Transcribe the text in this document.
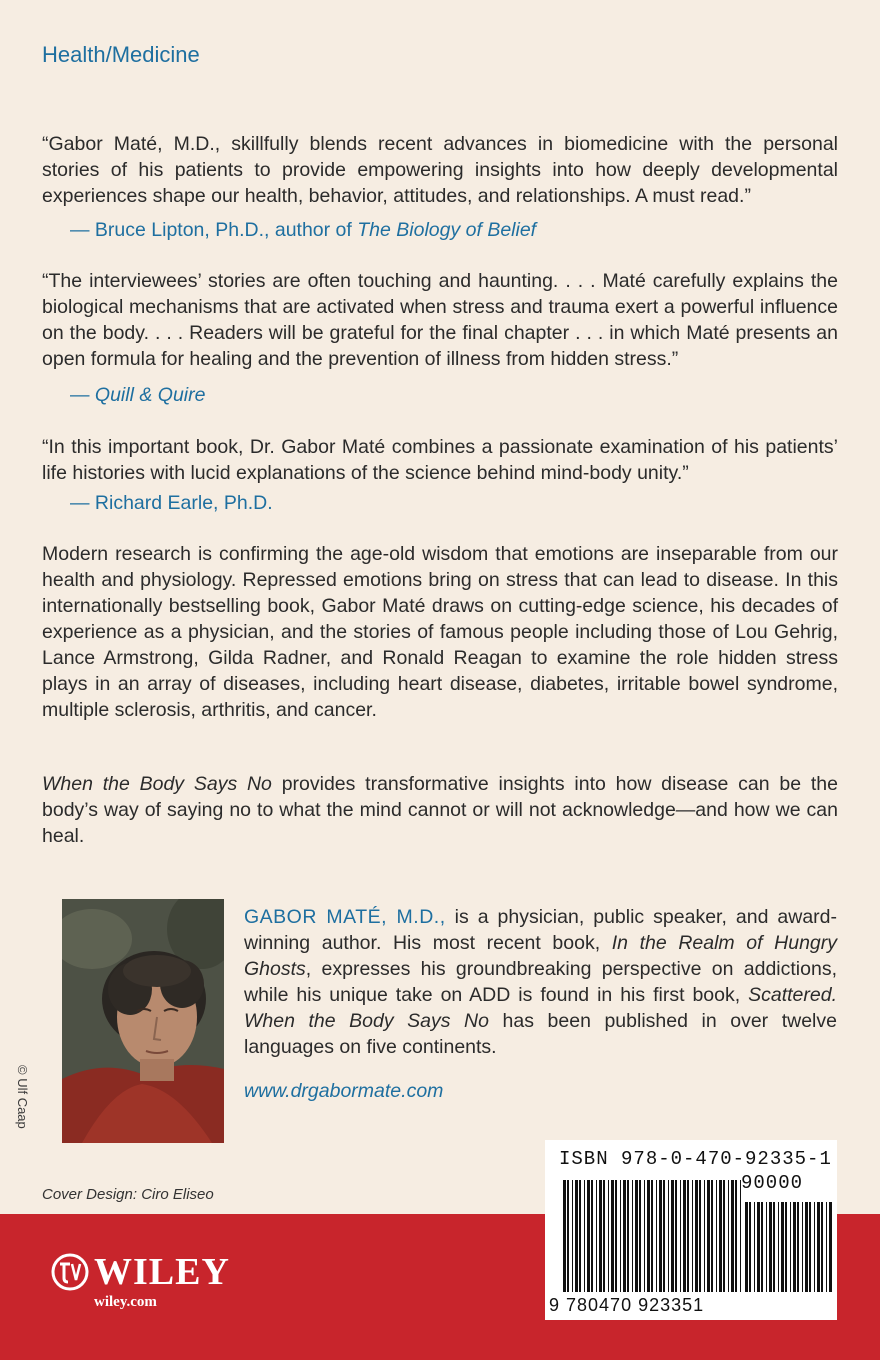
Health/Medicine

“Gabor Maté, M.D., skillfully blends recent advances in biomedicine with the personal stories of his patients to provide empowering insights into how deeply developmental experiences shape our health, behavior, attitudes, and relationships. A must read.”

— Bruce Lipton, Ph.D., author of The Biology of Belief

“The interviewees’ stories are often touching and haunting. . . . Maté carefully explains the biological mechanisms that are activated when stress and trauma exert a powerful influence on the body. . . . Readers will be grateful for the final chapter . . . in which Maté presents an open formula for healing and the prevention of illness from hidden stress.”

— Quill & Quire

“In this important book, Dr. Gabor Maté combines a passionate examination of his patients’ life histories with lucid explanations of the science behind mind-body unity.”

— Richard Earle, Ph.D.

Modern research is confirming the age-old wisdom that emotions are inseparable from our health and physiology. Repressed emotions bring on stress that can lead to disease. In this internationally bestselling book, Gabor Maté draws on cutting-edge science, his decades of experience as a physician, and the stories of famous people including those of Lou Gehrig, Lance Armstrong, Gilda Radner, and Ronald Reagan to examine the role hidden stress plays in an array of diseases, including heart disease, diabetes, irritable bowel syndrome, multiple sclerosis, arthritis, and cancer.

When the Body Says No provides transformative insights into how disease can be the body’s way of saying no to what the mind cannot or will not acknowledge—and how we can heal.

© Ulf Caap

GABOR MATÉ, M.D., is a physician, public speaker, and award-winning author. His most recent book, In the Realm of Hungry Ghosts, expresses his groundbreaking perspective on addictions, while his unique take on ADD is found in his first book, Scattered. When the Body Says No has been published in over twelve languages on five continents.

www.drgabormate.com
Cover Design: Ciro Eliseo
WILEY
wiley.com
ISBN 978-0-470-92335-1
90000
9 780470 923351
